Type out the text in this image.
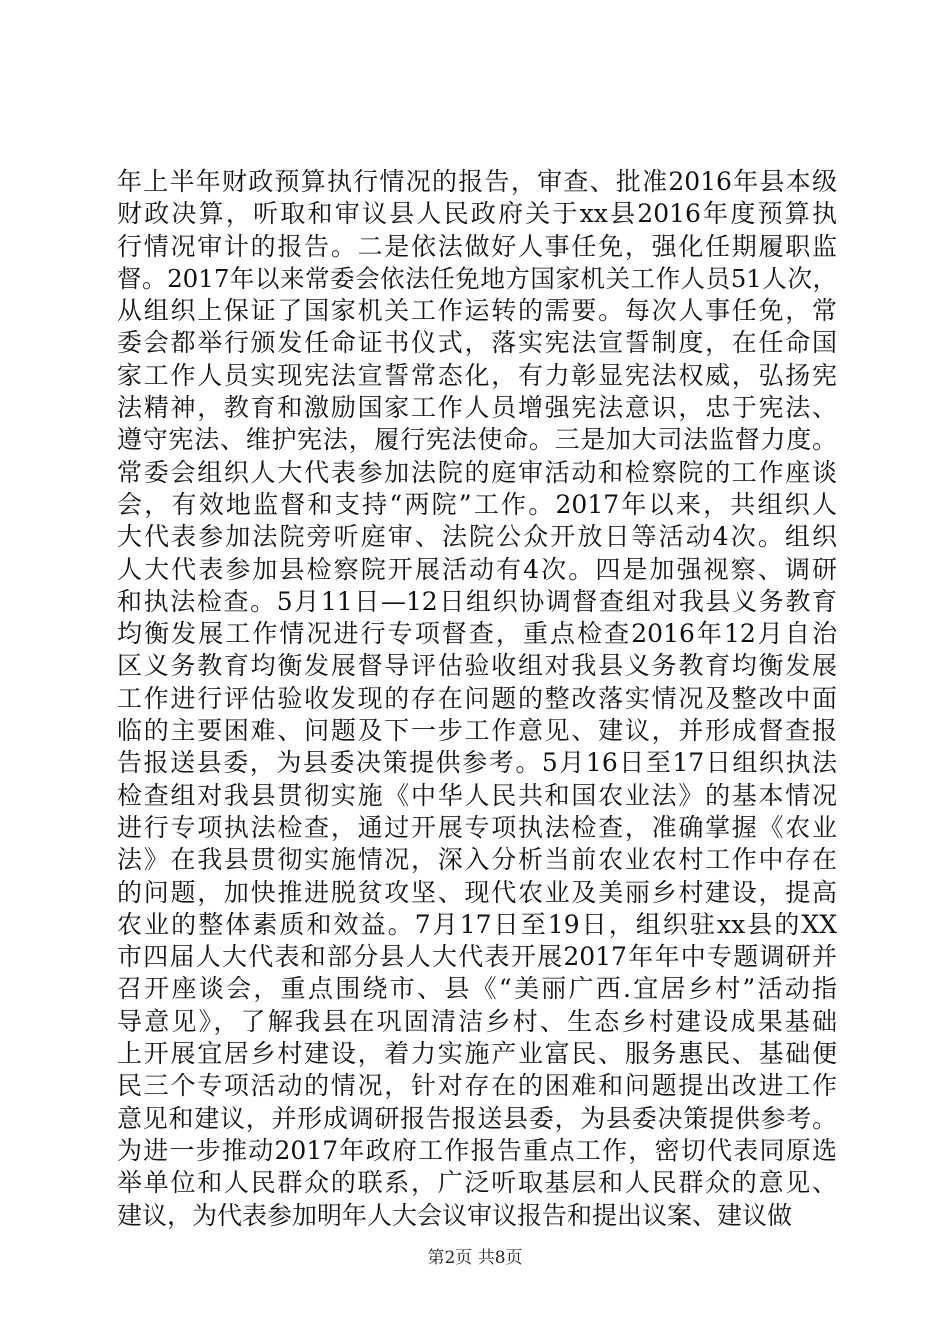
年上半年财政预算执行情况的报告，审查、批准2016年县本级
财政决算，听取和审议县人民政府关于xx县2016年度预算执
行情况审计的报告。二是依法做好人事任免，强化任期履职监
督。2017年以来常委会依法任免地方国家机关工作人员51人次，
从组织上保证了国家机关工作运转的需要。每次人事任免，常
委会都举行颁发任命证书仪式，落实宪法宣誓制度，在任命国
家工作人员实现宪法宣誓常态化，有力彰显宪法权威，弘扬宪
法精神，教育和激励国家工作人员增强宪法意识，忠于宪法、
遵守宪法、维护宪法，履行宪法使命。三是加大司法监督力度。
常委会组织人大代表参加法院的庭审活动和检察院的工作座谈
会，有效地监督和支持“两院”工作。2017年以来，共组织人
大代表参加法院旁听庭审、法院公众开放日等活动4次。组织
人大代表参加县检察院开展活动有4次。四是加强视察、调研
和执法检查。5月11日—12日组织协调督查组对我县义务教育
均衡发展工作情况进行专项督查，重点检查2016年12月自治
区义务教育均衡发展督导评估验收组对我县义务教育均衡发展
工作进行评估验收发现的存在问题的整改落实情况及整改中面
临的主要困难、问题及下一步工作意见、建议，并形成督查报
告报送县委，为县委决策提供参考。5月16日至17日组织执法
检查组对我县贯彻实施《中华人民共和国农业法》的基本情况
进行专项执法检查，通过开展专项执法检查，准确掌握《农业
法》在我县贯彻实施情况，深入分析当前农业农村工作中存在
的问题，加快推进脱贫攻坚、现代农业及美丽乡村建设，提高
农业的整体素质和效益。7月17日至19日，组织驻xx县的XX
市四届人大代表和部分县人大代表开展2017年年中专题调研并
召开座谈会，重点围绕市、县《“美丽广西.宜居乡村”活动指
导意见》，了解我县在巩固清洁乡村、生态乡村建设成果基础
上开展宜居乡村建设，着力实施产业富民、服务惠民、基础便
民三个专项活动的情况，针对存在的困难和问题提出改进工作
意见和建议，并形成调研报告报送县委，为县委决策提供参考。
为进一步推动2017年政府工作报告重点工作，密切代表同原选
举单位和人民群众的联系，广泛听取基层和人民群众的意见、
建议，为代表参加明年人大会议审议报告和提出议案、建议做
第2页 共8页
